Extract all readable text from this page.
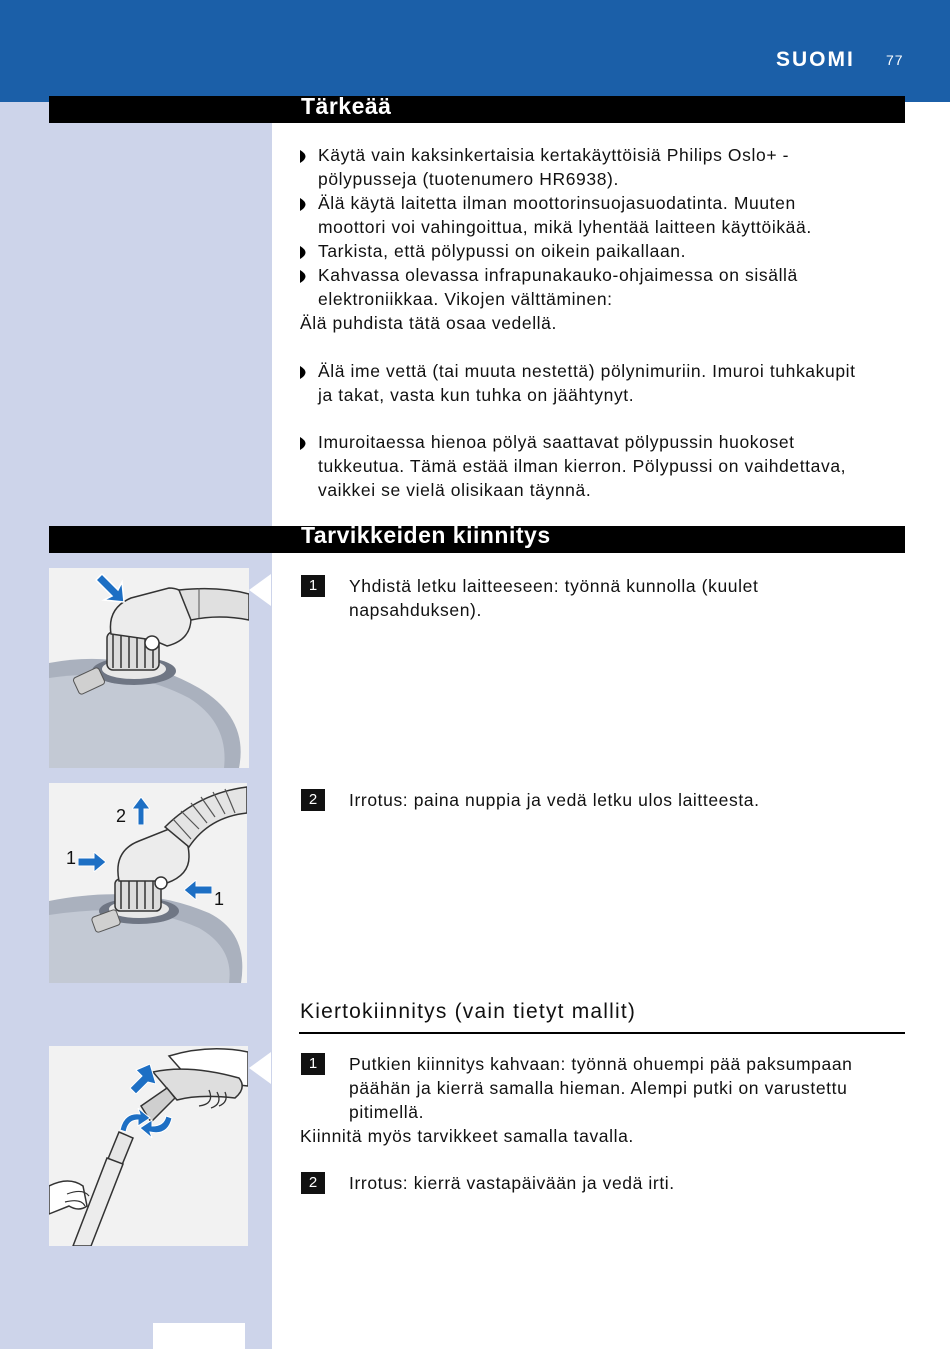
SUOMI 77
Tärkeää
Käytä vain kaksinkertaisia kertakäyttöisiä Philips Oslo+ -
pölypusseja (tuotenumero HR6938).
Älä käytä laitetta ilman moottorinsuojasuodatinta. Muuten
moottori voi vahingoittua, mikä lyhentää laitteen käyttöikää.
Tarkista, että pölypussi on oikein paikallaan.
Kahvassa olevassa infrapunakauko-ohjaimessa on sisällä
elektroniikkaa. Vikojen välttäminen:
Älä puhdista tätä osaa vedellä.
Älä ime vettä (tai muuta nestettä) pölynimuriin. Imuroi tuhkakupit
ja takat, vasta kun tuhka on jäähtynyt.
Imuroitaessa hienoa pölyä saattavat pölypussin huokoset
tukkeutua. Tämä estää ilman kierron. Pölypussi on vaihdettava,
vaikkei se vielä olisikaan täynnä.
Tarvikkeiden kiinnitys
1	Yhdistä letku laitteeseen: työnnä kunnolla (kuulet
napsahduksen).
2
1
1
2	Irrotus: paina nuppia ja vedä letku ulos laitteesta.
Kiertokiinnitys (vain tietyt mallit)
1	Putkien kiinnitys kahvaan: työnnä ohuempi pää paksumpaan
päähän ja kierrä samalla hieman. Alempi putki on varustettu
pitimellä.
Kiinnitä myös tarvikkeet samalla tavalla.
2	Irrotus: kierrä vastapäivään ja vedä irti.
